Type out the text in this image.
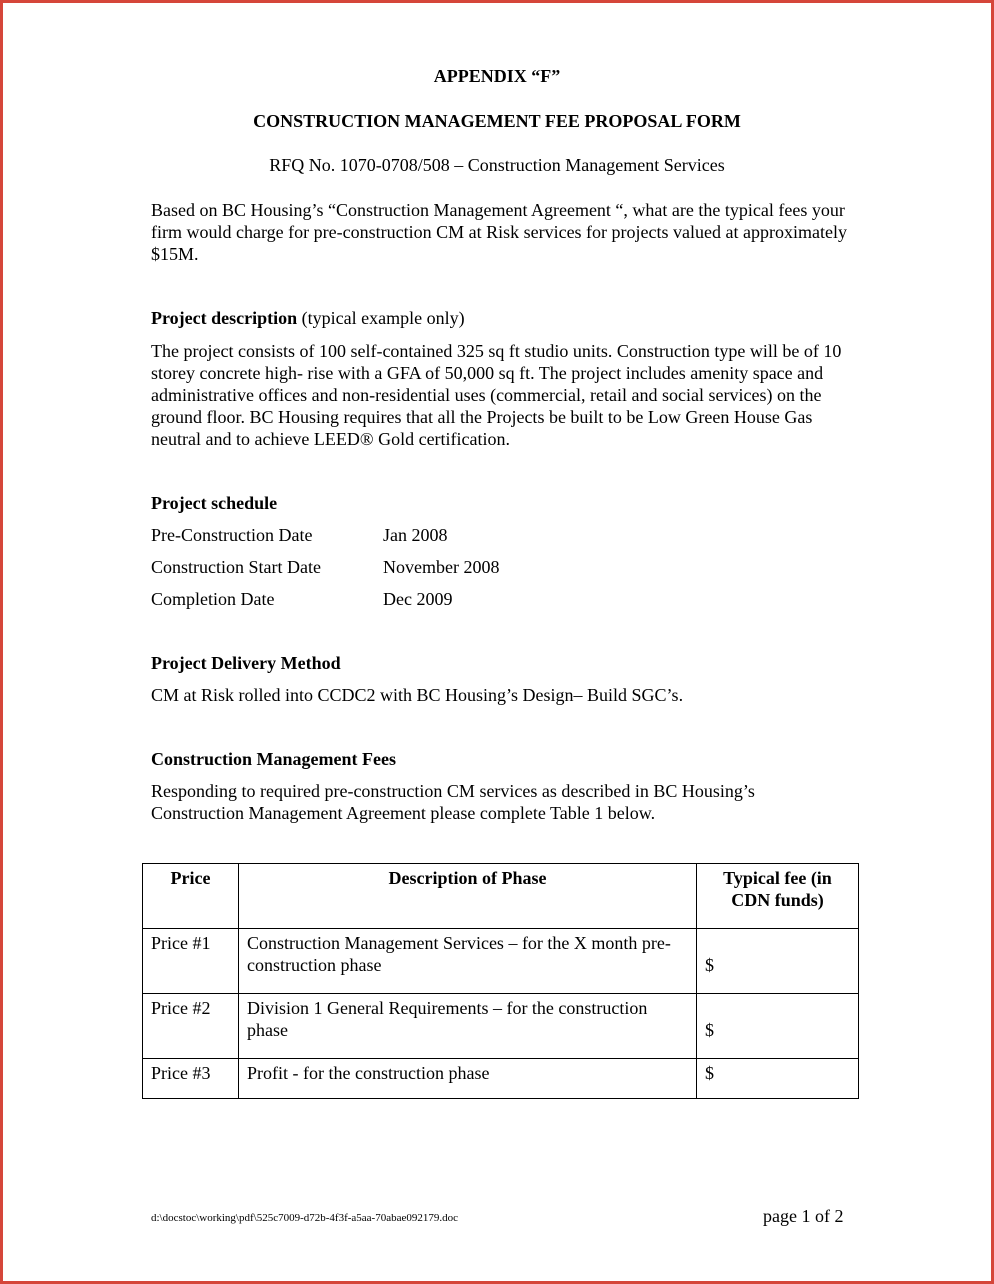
APPENDIX “F”
CONSTRUCTION MANAGEMENT FEE PROPOSAL FORM
RFQ No. 1070-0708/508 – Construction Management Services
Based on BC Housing’s “Construction Management Agreement “, what are the typical fees your firm would charge for pre-construction CM at Risk services for projects valued at approximately $15M.
Project description (typical example only)
The project consists of 100 self-contained 325 sq ft studio units. Construction type will be of 10 storey concrete high- rise with a GFA of 50,000 sq ft. The project includes amenity space and administrative offices and non-residential uses (commercial, retail and social services) on the ground floor. BC Housing requires that all the Projects be built to be Low Green House Gas neutral and to achieve LEED® Gold certification.
Project schedule
Pre-Construction Date	Jan 2008
Construction Start Date	November 2008
Completion Date	Dec 2009
Project Delivery Method
CM at Risk rolled into CCDC2 with BC Housing’s Design– Build SGC’s.
Construction Management Fees
Responding to required pre-construction CM services as described in BC Housing’s Construction Management Agreement please complete Table 1 below.
Price	Description of Phase	Typical fee (in CDN funds)
Price #1	Construction Management Services – for the X month pre-construction phase	$

Price #2	Division 1 General Requirements – for the construction phase	$

Price #3	Profit - for the construction phase	$
d:\docstoc\working\pdf\525c7009-d72b-4f3f-a5aa-70abae092179.doc	page 1 of 2
